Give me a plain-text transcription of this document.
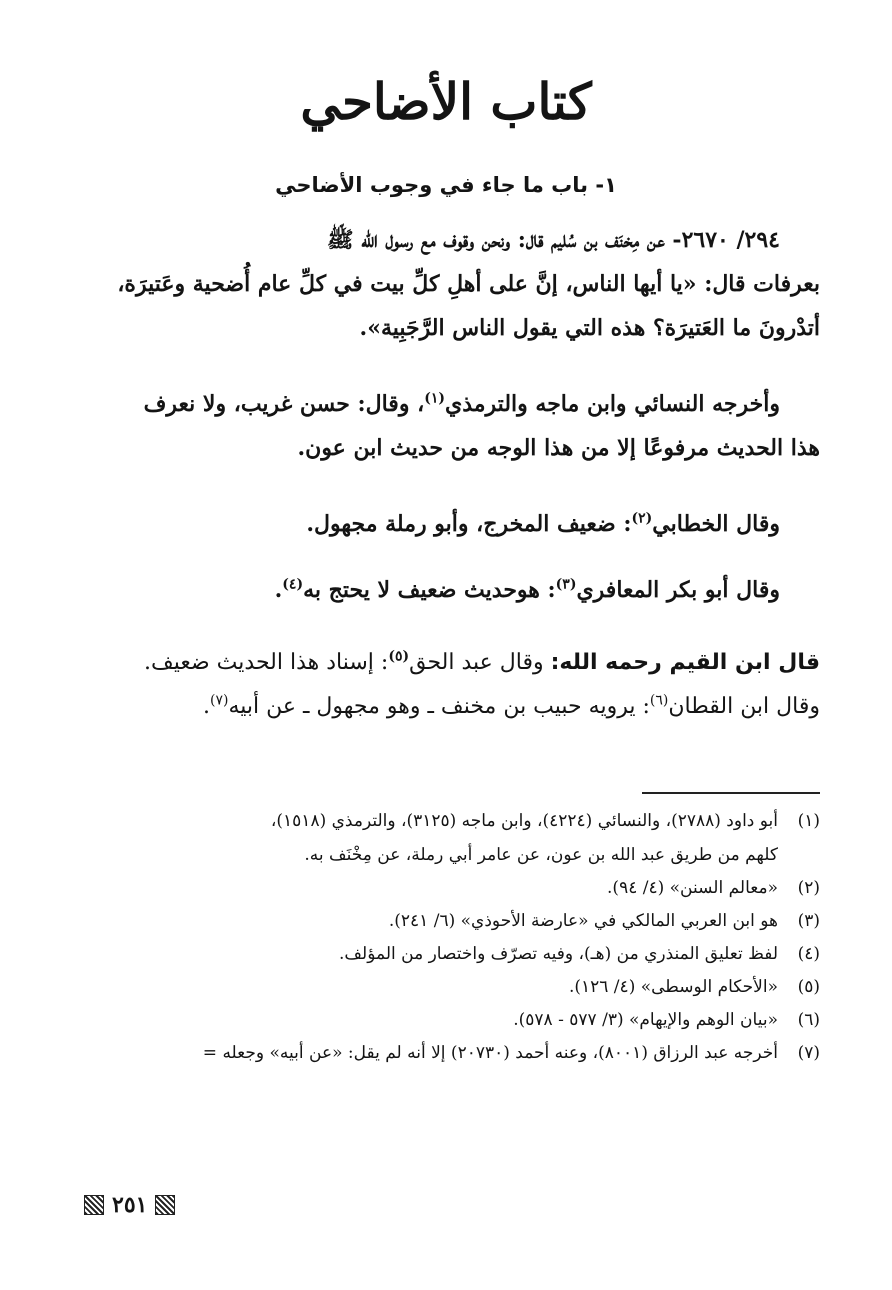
كتاب الأضاحي
١- باب ما جاء في وجوب الأضاحي
٢٩٤/ ٢٦٧٠- عن مِخنَف بن سُليم قال: ونحن وقوف مع رسول الله ﷺ
بعرفات قال: «يا أيها الناس، إنَّ على أهلِ كلِّ بيت في كلِّ عام أُضحية وعَتيرَة،
أتدْرونَ ما العَتيرَة؟ هذه التي يقول الناس الرَّجَبِية».
وأخرجه النسائي وابن ماجه والترمذي$^{(١)}$، وقال: حسن غريب، ولا نعرف
هذا الحديث مرفوعًا إلا من هذا الوجه من حديث ابن عون.
وقال الخطابي$^{(٢)}$: ضعيف المخرج، وأبو رملة مجهول.
وقال أبو بكر المعافري$^{(٣)}$: هوحديث ضعيف لا يحتج به$^{(٤)}$.
قال ابن القيم رحمه الله: وقال عبد الحق$^{(٥)}$: إسناد هذا الحديث ضعيف.
وقال ابن القطان$^{(٦)}$: يرويه حبيب بن مخنف ـ وهو مجهول ـ عن أبيه$^{(٧)}$.
(١)
أبو داود (٢٧٨٨)، والنسائي (٤٢٢٤)، وابن ماجه (٣١٢٥)، والترمذي (١٥١٨)،
كلهم من طريق عبد الله بن عون، عن عامر أبي رملة، عن مِخْنَف به.
(٢)
«معالم السنن» (٤/ ٩٤).
(٣)
هو ابن العربي المالكي في «عارضة الأحوذي» (٦/ ٢٤١).
(٤)
لفظ تعليق المنذري من (هـ)، وفيه تصرّف واختصار من المؤلف.
(٥)
«الأحكام الوسطى» (٤/ ١٢٦).
(٦)
«بيان الوهم والإيهام» (٣/ ٥٧٧ - ٥٧٨).
(٧)
أخرجه عبد الرزاق (٨٠٠١)، وعنه أحمد (٢٠٧٣٠) إلا أنه لم يقل: «عن أبيه» وجعله =
٢٥١
